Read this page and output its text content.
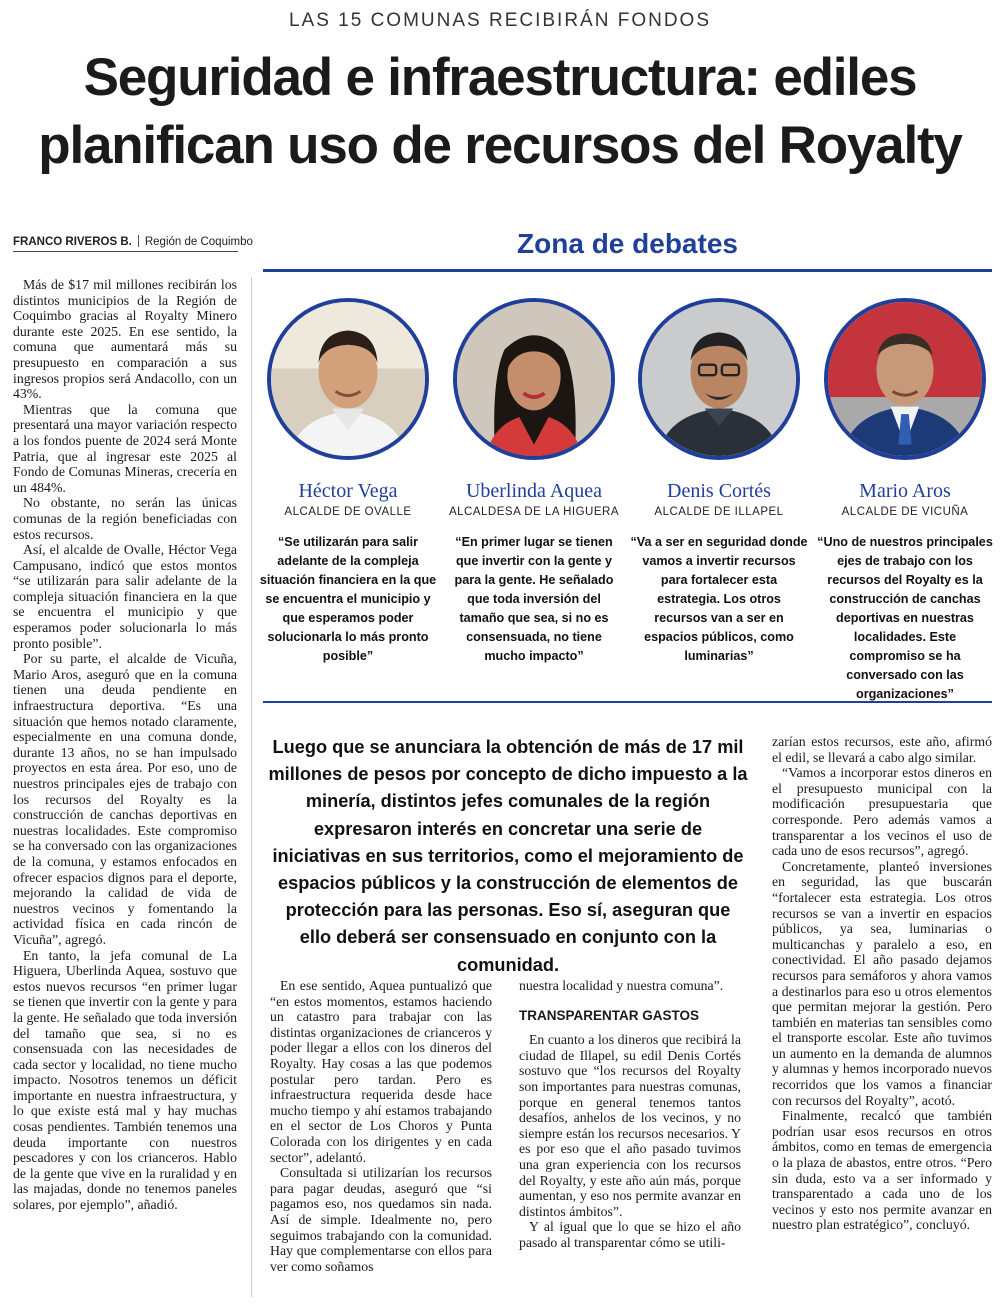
LAS 15 COMUNAS RECIBIRÁN FONDOS
Seguridad e infraestructura: ediles
planifican uso de recursos del Royalty
FRANCO RIVEROS B. Región de Coquimbo

Más de $17 mil millones recibirán los distintos municipios de la Región de Coquimbo gracias al Royalty Minero durante este 2025. En ese sentido, la comuna que aumentará más su presupuesto en comparación a sus ingresos propios será Andacollo, con un 43%.

Mientras que la comuna que presentará una mayor variación respecto a los fondos puente de 2024 será Monte Patria, que al ingresar este 2025 al Fondo de Comunas Mineras, crecería en un 484%.

No obstante, no serán las únicas comunas de la región beneficiadas con estos recursos.

Así, el alcalde de Ovalle, Héctor Vega Campusano, indicó que estos montos “se utilizarán para salir adelante de la compleja situación financiera en la que se encuentra el municipio y que esperamos poder solucionarla lo más pronto posible”.

Por su parte, el alcalde de Vicuña, Mario Aros, aseguró que en la comuna tienen una deuda pendiente en infraestructura deportiva. “Es una situación que hemos notado claramente, especialmente en una comuna donde, durante 13 años, no se han impulsado proyectos en esta área. Por eso, uno de nuestros principales ejes de trabajo con los recursos del Royalty es la construcción de canchas deportivas en nuestras localidades. Este compromiso se ha conversado con las organizaciones de la comuna, y estamos enfocados en ofrecer espacios dignos para el deporte, mejorando la calidad de vida de nuestros vecinos y fomentando la actividad física en cada rincón de Vicuña”, agregó.

En tanto, la jefa comunal de La Higuera, Uberlinda Aquea, sostuvo que estos nuevos recursos “en primer lugar se tienen que invertir con la gente y para la gente. He señalado que toda inversión del tamaño que sea, si no es consensuada con las necesidades de cada sector y localidad, no tiene mucho impacto. Nosotros tenemos un déficit importante en nuestra infraestructura, y lo que existe está mal y hay muchas cosas pendientes. También tenemos una deuda importante con nuestros pescadores y con los crianceros. Hablo de la gente que vive en la ruralidad y en las majadas, donde no tenemos paneles solares, por ejemplo”, añadió.

Zona de debates
Héctor Vega
ALCALDE DE OVALLE
“Se utilizarán para salir adelante de la compleja situación financiera en la que se encuentra el municipio y que esperamos poder solucionarla lo más pronto posible”
Uberlinda Aquea
ALCALDESA DE LA HIGUERA
“En primer lugar se tienen que invertir con la gente y para la gente. He señalado que toda inversión del tamaño que sea, si no es consensuada, no tiene mucho impacto”
Denis Cortés
ALCALDE DE ILLAPEL
“Va a ser en seguridad donde vamos a invertir recursos para fortalecer esta estrategia. Los otros recursos van a ser en espacios públicos, como luminarias”
Mario Aros
ALCALDE DE VICUÑA
“Uno de nuestros principales ejes de trabajo con los recursos del Royalty es la construcción de canchas deportivas en nuestras localidades. Este compromiso se ha conversado con las organizaciones”
Luego que se anunciara la obtención de más de 17 mil millones de pesos por concepto de dicho impuesto a la minería, distintos jefes comunales de la región expresaron interés en concretar una serie de iniciativas en sus territorios, como el mejoramiento de espacios públicos y la construcción de elementos de protección para las personas. Eso sí, aseguran que ello deberá ser consensuado en conjunto con la comunidad.

En ese sentido, Aquea puntualizó que “en estos momentos, estamos haciendo un catastro para trabajar con las distintas organizaciones de crianceros y poder llegar a ellos con los dineros del Royalty. Hay cosas a las que podemos postular pero tardan. Pero es infraestructura requerida desde hace mucho tiempo y ahí estamos trabajando en el sector de Los Choros y Punta Colorada con los dirigentes y en cada sector”, adelantó.

Consultada si utilizarían los recursos para pagar deudas, aseguró que “si pagamos eso, nos quedamos sin nada. Así de simple. Idealmente no, pero seguimos trabajando con la comunidad. Hay que complementarse con ellos para ver como soñamos

nuestra localidad y nuestra comuna”.
TRANSPARENTAR GASTOS

En cuanto a los dineros que recibirá la ciudad de Illapel, su edil Denis Cortés sostuvo que “los recursos del Royalty son importantes para nuestras comunas, porque en general tenemos tantos desafíos, anhelos de los vecinos, y no siempre están los recursos necesarios. Y es por eso que el año pasado tuvimos una gran experiencia con los recursos del Royalty, y este año aún más, porque aumentan, y eso nos permite avanzar en distintos ámbitos”.

Y al igual que lo que se hizo el año pasado al transparentar cómo se utili-

zarían estos recursos, este año, afirmó el edil, se llevará a cabo algo similar.

“Vamos a incorporar estos dineros en el presupuesto municipal con la modificación presupuestaria que corresponde. Pero además vamos a transparentar a los vecinos el uso de cada uno de esos recursos”, agregó.

Concretamente, planteó inversiones en seguridad, las que buscarán “fortalecer esta estrategia. Los otros recursos se van a invertir en espacios públicos, ya sea, luminarias o multicanchas y paralelo a eso, en conectividad. El año pasado dejamos recursos para semáforos y ahora vamos a destinarlos para eso u otros elementos que permitan mejorar la gestión. Pero también en materias tan sensibles como el transporte escolar. Este año tuvimos un aumento en la demanda de alumnos y alumnas y hemos incorporado nuevos recorridos que los vamos a financiar con recursos del Royalty”, acotó.

Finalmente, recalcó que también podrían usar esos recursos en otros ámbitos, como en temas de emergencia o la plaza de abastos, entre otros. “Pero sin duda, esto va a ser informado y transparentado a cada uno de los vecinos y esto nos permite avanzar en nuestro plan estratégico”, concluyó.
